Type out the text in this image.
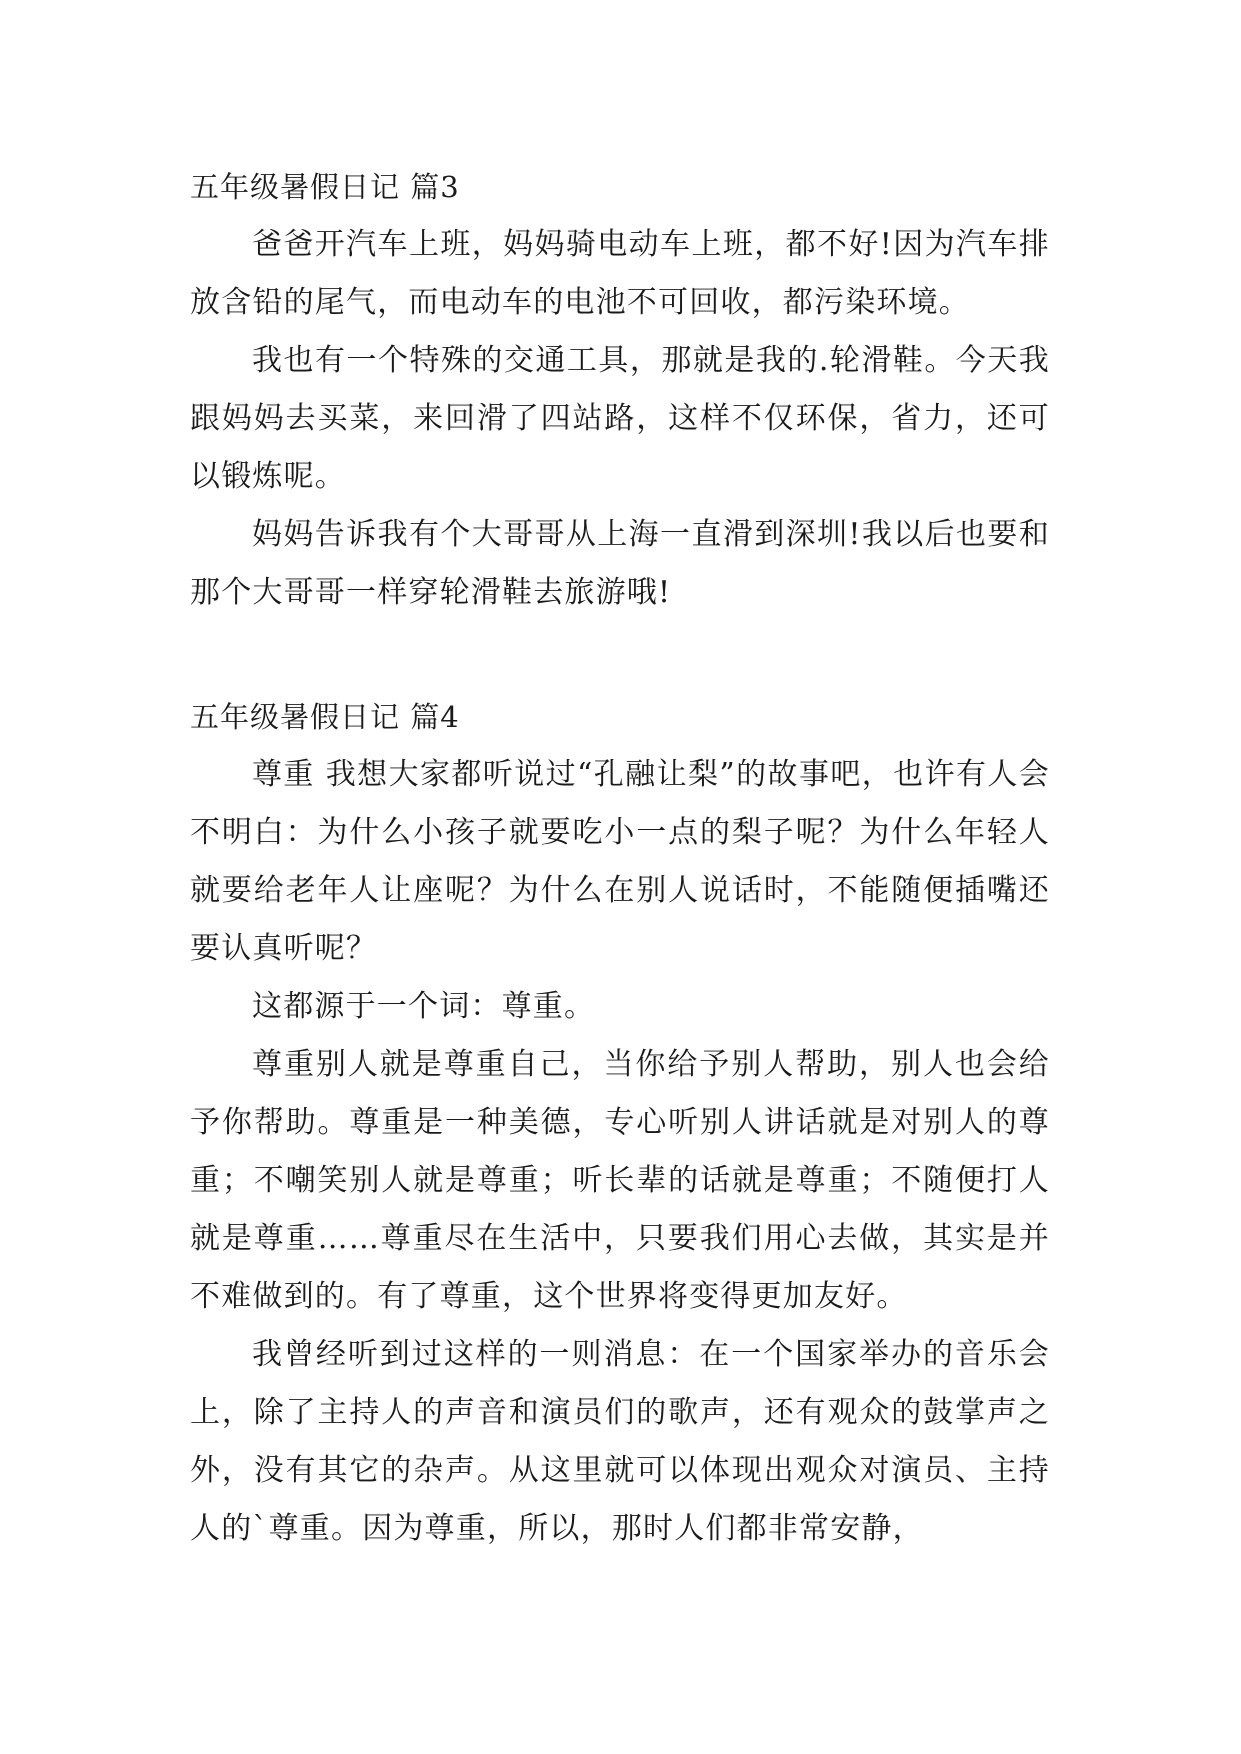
五年级暑假日记 篇3

爸爸开汽车上班，妈妈骑电动车上班，都不好!因为汽车排放含铅的尾气，而电动车的电池不可回收，都污染环境。

我也有一个特殊的交通工具，那就是我的.轮滑鞋。今天我跟妈妈去买菜，来回滑了四站路，这样不仅环保，省力，还可以锻炼呢。

妈妈告诉我有个大哥哥从上海一直滑到深圳!我以后也要和那个大哥哥一样穿轮滑鞋去旅游哦!

五年级暑假日记 篇4

尊重 我想大家都听说过“孔融让梨”的故事吧，也许有人会不明白：为什么小孩子就要吃小一点的梨子呢？为什么年轻人就要给老年人让座呢？为什么在别人说话时，不能随便插嘴还要认真听呢？

这都源于一个词：尊重。

尊重别人就是尊重自己，当你给予别人帮助，别人也会给予你帮助。尊重是一种美德，专心听别人讲话就是对别人的尊重；不嘲笑别人就是尊重；听长辈的话就是尊重；不随便打人就是尊重……尊重尽在生活中，只要我们用心去做，其实是并不难做到的。有了尊重，这个世界将变得更加友好。

我曾经听到过这样的一则消息：在一个国家举办的音乐会上，除了主持人的声音和演员们的歌声，还有观众的鼓掌声之外，没有其它的杂声。从这里就可以体现出观众对演员、主持人的`尊重。因为尊重，所以，那时人们都非常安静，
